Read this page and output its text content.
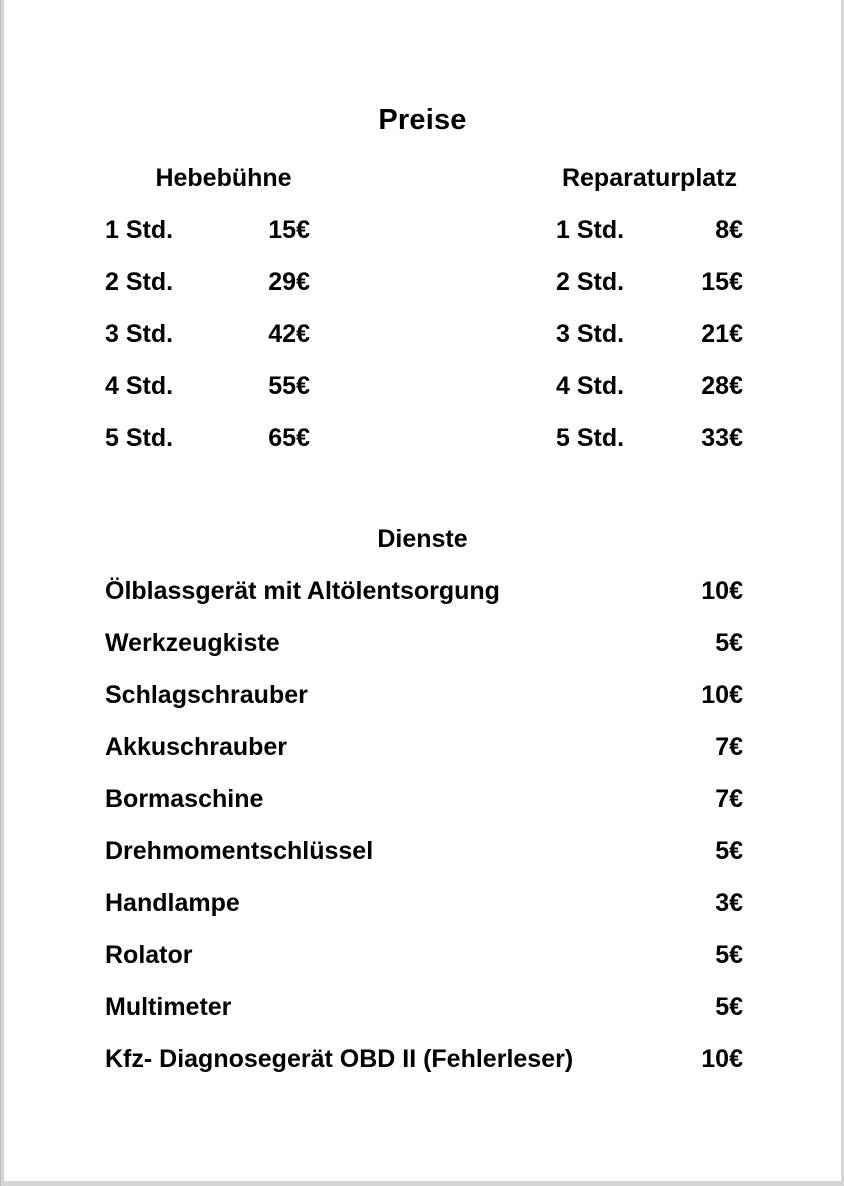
Preise
Hebebühne
1 Std.	15€
2 Std.	29€
3 Std.	42€
4 Std.	55€
5 Std.	65€
Reparaturplatz
1 Std.	8€
2 Std.	15€
3 Std.	21€
4 Std.	28€
5 Std.	33€
Dienste
Ölblassgerät mit Altölentsorgung	10€
Werkzeugkiste	5€
Schlagschrauber	10€
Akkuschrauber	7€
Bormaschine	7€
Drehmomentschlüssel	5€
Handlampe	3€
Rolator	5€
Multimeter	5€
Kfz- Diagnosegerät OBD II (Fehlerleser)	10€
